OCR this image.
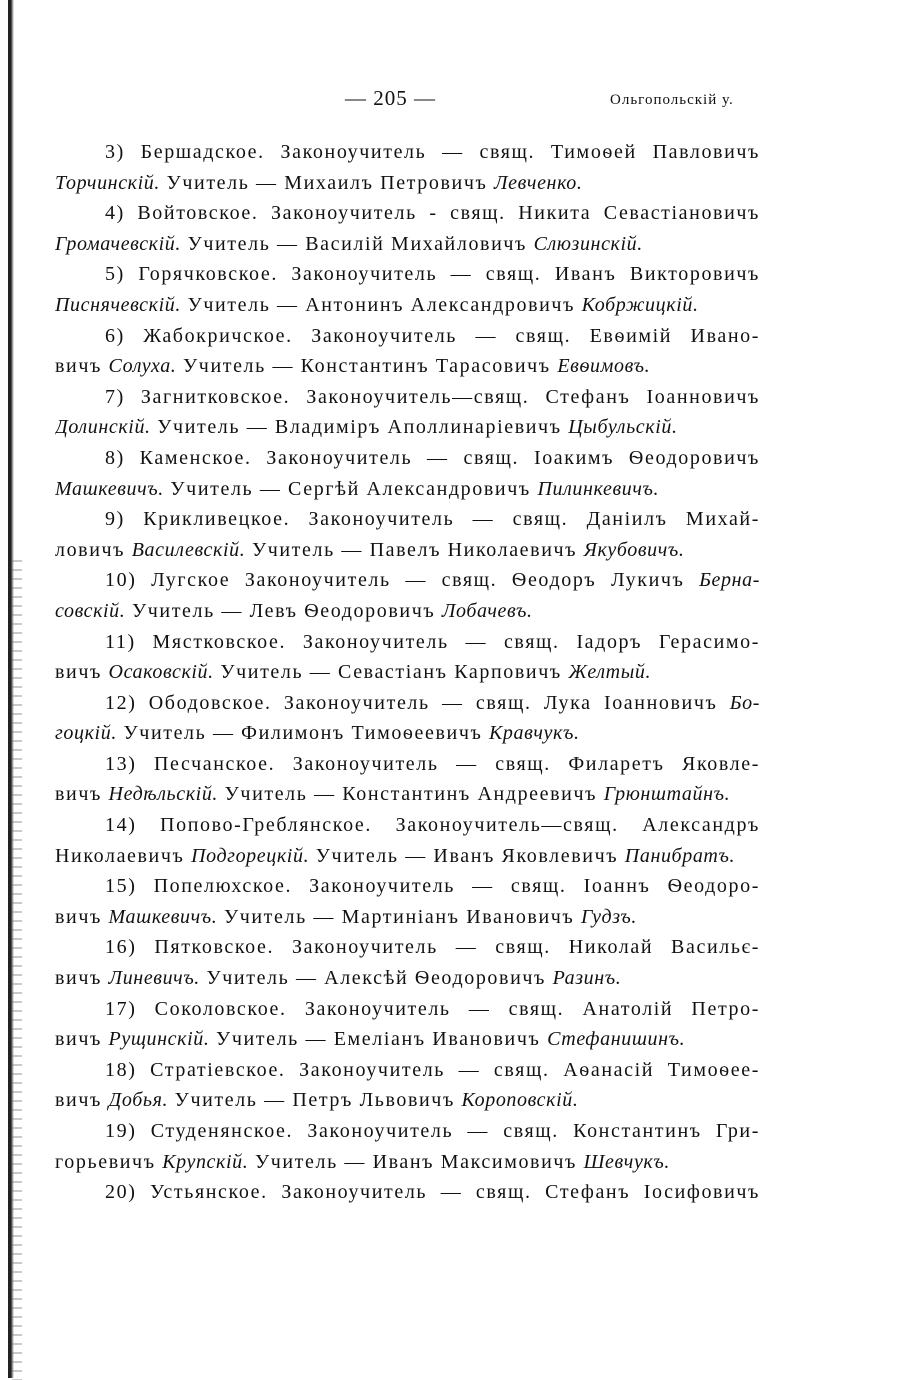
— 205 —	Ольгопольскій у.
3) Бершадское. Законоучитель — свящ. Тимоѳей Павловичъ
Торчинскій. Учитель — Михаилъ Петровичъ Левченко.
4) Войтовское. Законоучитель - свящ. Никита Севастіановичъ
Громачевскій. Учитель — Василій Михайловичъ Слюзинскій.
5) Горячковское. Законоучитель — свящ. Иванъ Викторовичъ
Писнячевскій. Учитель — Антонинъ Александровичъ Кобржицкій.
6) Жабокричское. Законоучитель — свящ. Евѳимій Ивано-
вичъ Солуха. Учитель — Константинъ Тарасовичъ Евѳимовъ.
7) Загнитковское. Законоучитель—свящ. Стефанъ Іоанновичъ
Долинскій. Учитель — Владиміръ Аполлинаріевичъ Цыбульскій.
8) Каменское. Законоучитель — свящ. Іоакимъ Ѳеодоровичъ
Машкевичъ. Учитель — Сергѣй Александровичъ Пилинкевичъ.
9) Крикливецкое. Законоучитель — свящ. Даніилъ Михай-
ловичъ Василевскій. Учитель — Павелъ Николаевичъ Якубовичъ.
10) Лугское Законоучитель — свящ. Ѳеодоръ Лукичъ Берна-
совскій. Учитель — Левъ Ѳеодоровичъ Лобачевъ.
11) Мястковское. Законоучитель — свящ. Іадоръ Герасимо-
вичъ Осаковскій. Учитель — Севастіанъ Карповичъ Желтый.
12) Ободовское. Законоучитель — свящ. Лука Іоанновичъ Бо-
гоцкій. Учитель — Филимонъ Тимоѳеевичъ Кравчукъ.
13) Песчанское. Законоучитель — свящ. Филаретъ Яковле-
вичъ Недѣльскій. Учитель — Константинъ Андреевичъ Грюнштайнъ.
14) Попово-Греблянское. Законоучитель—свящ. Александръ
Николаевичъ Подгорецкій. Учитель — Иванъ Яковлевичъ Панибратъ.
15) Попелюхское. Законоучитель — свящ. Іоаннъ Ѳеодоро-
вичъ Машкевичъ. Учитель — Мартиніанъ Ивановичъ Гудзъ.
16) Пятковское. Законоучитель — свящ. Николай Васильє-
вичъ Линевичъ. Учитель — Алексѣй Ѳеодоровичъ Разинъ.
17) Соколовское. Законоучитель — свящ. Анатолій Петро-
вичъ Рущинскій. Учитель — Емеліанъ Ивановичъ Стефанишинъ.
18) Стратіевское. Законоучитель — свящ. Аѳанасій Тимоѳее-
вичъ Добья. Учитель — Петръ Львовичъ Короповскій.
19) Студенянское. Законоучитель — свящ. Константинъ Гри-
горьевичъ Крупскій. Учитель — Иванъ Максимовичъ Шевчукъ.
20) Устьянское. Законоучитель — свящ. Стефанъ Іосифовичъ
